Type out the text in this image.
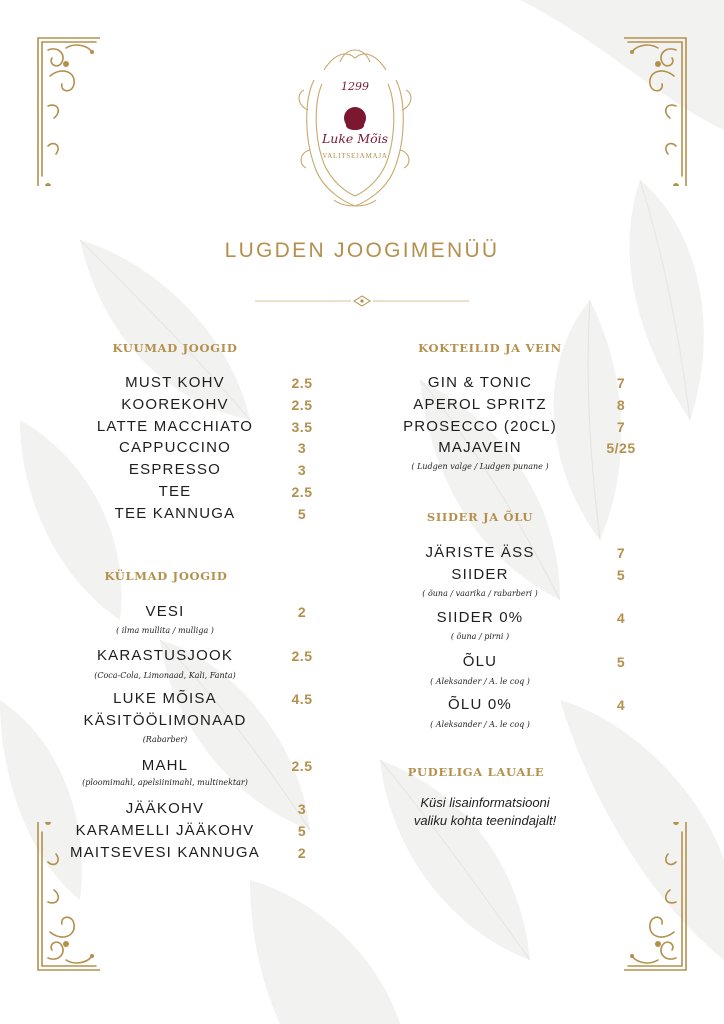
1299
Luke Mõis
VALITSEJAMAJA
LUGDEN JOOGIMENÜÜ
KUUMAD JOOGID
MUST KOHV	2.5
KOOREKOHV	2.5
LATTE MACCHIATO	3.5
CAPPUCCINO	3
ESPRESSO	3
TEE	2.5
TEE KANNUGA	5
KÜLMAD JOOGID
VESI	2
( ilma mullita / mulliga )
KARASTUSJOOK	2.5
(Coca-Cola, Limonaad, Kali, Fanta)
LUKE MÕISA	4.5
KÄSITÖÖLIMONAAD
(Rabarber)
MAHL	2.5
(ploomimahl, apelsiinimahl, multinektar)
JÄÄKOHV	3
KARAMELLI JÄÄKOHV	5
MAITSEVESI KANNUGA	2
KOKTEILID JA VEIN
GIN & TONIC	7
APEROL SPRITZ	8
PROSECCO (20CL)	7
MAJAVEIN	5/25
( Ludgen valge / Ludgen punane )
SIIDER JA ÕLU
JÄRISTE ÄSS	7
SIIDER	5
( õuna / vaarika / rabarberi )
SIIDER 0%	4
( õuna / pirni )
ÕLU	5
( Aleksander / A. le coq )
ÕLU 0%	4
( Aleksander / A. le coq )
PUDELIGA LAUALE
Küsi lisainformatsiooni
valiku kohta teenindajalt!
